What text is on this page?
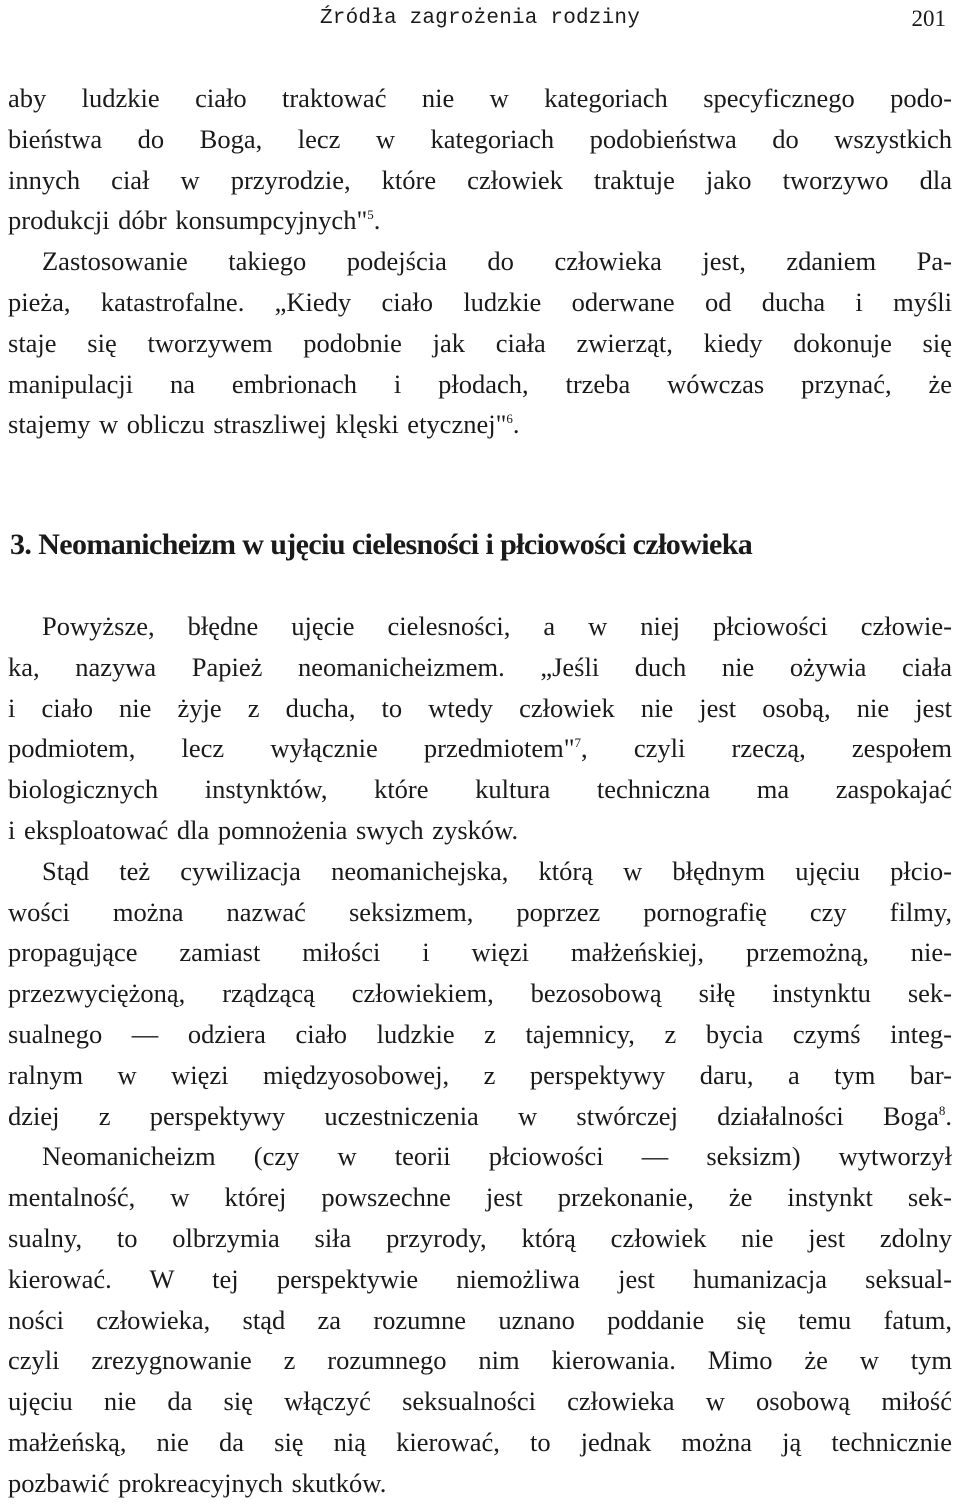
Źródła zagrożenia rodziny	201

aby ludzkie ciało traktować nie w kategoriach specyficznego podo-
bieństwa do Boga, lecz w kategoriach podobieństwa do wszystkich
innych ciał w przyrodzie, które człowiek traktuje jako tworzywo dla
produkcji dóbr konsumpcyjnych"$^5$.
Zastosowanie takiego podejścia do człowieka jest, zdaniem Pa-
pieża, katastrofalne. „Kiedy ciało ludzkie oderwane od ducha i myśli
staje się tworzywem podobnie jak ciała zwierząt, kiedy dokonuje się
manipulacji na embrionach i płodach, trzeba wówczas przynać, że
stajemy w obliczu straszliwej klęski etycznej"$^6$.

3. Neomanicheizm w ujęciu cielesności i płciowości człowieka
Powyższe, błędne ujęcie cielesności, a w niej płciowości człowie-
ka, nazywa Papież neomanicheizmem. „Jeśli duch nie ożywia ciała
i ciało nie żyje z ducha, to wtedy człowiek nie jest osobą, nie jest
podmiotem, lecz wyłącznie przedmiotem"$^7$, czyli rzeczą, zespołem
biologicznych instynktów, które kultura techniczna ma zaspokajać
i eksploatować dla pomnożenia swych zysków.
Stąd też cywilizacja neomanichejska, którą w błędnym ujęciu płcio-
wości można nazwać seksizmem, poprzez pornografię czy filmy,
propagujące zamiast miłości i więzi małżeńskiej, przemożną, nie-
przezwyciężoną, rządzącą człowiekiem, bezosobową siłę instynktu sek-
sualnego — odziera ciało ludzkie z tajemnicy, z bycia czymś integ-
ralnym w więzi międzyosobowej, z perspektywy daru, a tym bar-
dziej z perspektywy uczestniczenia w stwórczej działalności Boga$^8$.
Neomanicheizm (czy w teorii płciowości — seksizm) wytworzył
mentalność, w której powszechne jest przekonanie, że instynkt sek-
sualny, to olbrzymia siła przyrody, którą człowiek nie jest zdolny
kierować. W tej perspektywie niemożliwa jest humanizacja seksual-
ności człowieka, stąd za rozumne uznano poddanie się temu fatum,
czyli zrezygnowanie z rozumnego nim kierowania. Mimo że w tym
ujęciu nie da się włączyć seksualności człowieka w osobową miłość
małżeńską, nie da się nią kierować, to jednak można ją technicznie
pozbawić prokreacyjnych skutków.
